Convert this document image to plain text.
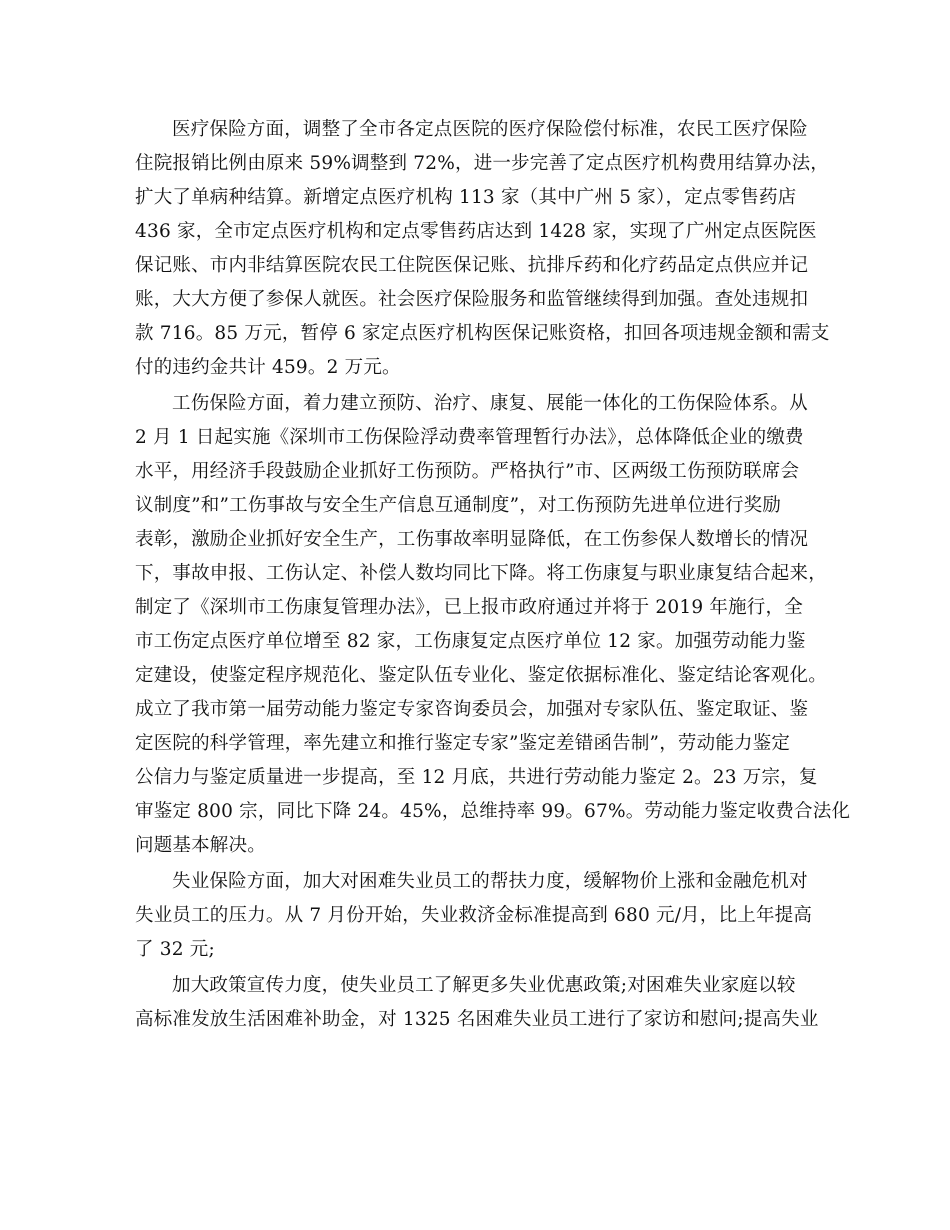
医疗保险方面，调整了全市各定点医院的医疗保险偿付标准，农民工医疗保险
住院报销比例由原来 59%调整到 72%，进一步完善了定点医疗机构费用结算办法，
扩大了单病种结算。新增定点医疗机构 113 家（其中广州 5 家），定点零售药店
436 家，全市定点医疗机构和定点零售药店达到 1428 家，实现了广州定点医院医
保记账、市内非结算医院农民工住院医保记账、抗排斥药和化疗药品定点供应并记
账，大大方便了参保人就医。社会医疗保险服务和监管继续得到加强。查处违规扣
款 716。85 万元，暂停 6 家定点医疗机构医保记账资格，扣回各项违规金额和需支
付的违约金共计 459。2 万元。
工伤保险方面，着力建立预防、治疗、康复、展能一体化的工伤保险体系。从
2 月 1 日起实施《深圳市工伤保险浮动费率管理暂行办法》，总体降低企业的缴费
水平，用经济手段鼓励企业抓好工伤预防。严格执行”市、区两级工伤预防联席会
议制度”和”工伤事故与安全生产信息互通制度”，对工伤预防先进单位进行奖励
表彰，激励企业抓好安全生产，工伤事故率明显降低，在工伤参保人数增长的情况
下，事故申报、工伤认定、补偿人数均同比下降。将工伤康复与职业康复结合起来，
制定了《深圳市工伤康复管理办法》，已上报市政府通过并将于 2019 年施行，全
市工伤定点医疗单位增至 82 家，工伤康复定点医疗单位 12 家。加强劳动能力鉴
定建设，使鉴定程序规范化、鉴定队伍专业化、鉴定依据标准化、鉴定结论客观化。
成立了我市第一届劳动能力鉴定专家咨询委员会，加强对专家队伍、鉴定取证、鉴
定医院的科学管理，率先建立和推行鉴定专家”鉴定差错函告制”，劳动能力鉴定
公信力与鉴定质量进一步提高，至 12 月底，共进行劳动能力鉴定 2。23 万宗，复
审鉴定 800 宗，同比下降 24。45%，总维持率 99。67%。劳动能力鉴定收费合法化
问题基本解决。
失业保险方面，加大对困难失业员工的帮扶力度，缓解物价上涨和金融危机对
失业员工的压力。从 7 月份开始，失业救济金标准提高到 680 元/月，比上年提高
了 32 元;
加大政策宣传力度，使失业员工了解更多失业优惠政策;对困难失业家庭以较
高标准发放生活困难补助金，对 1325 名困难失业员工进行了家访和慰问;提高失业
